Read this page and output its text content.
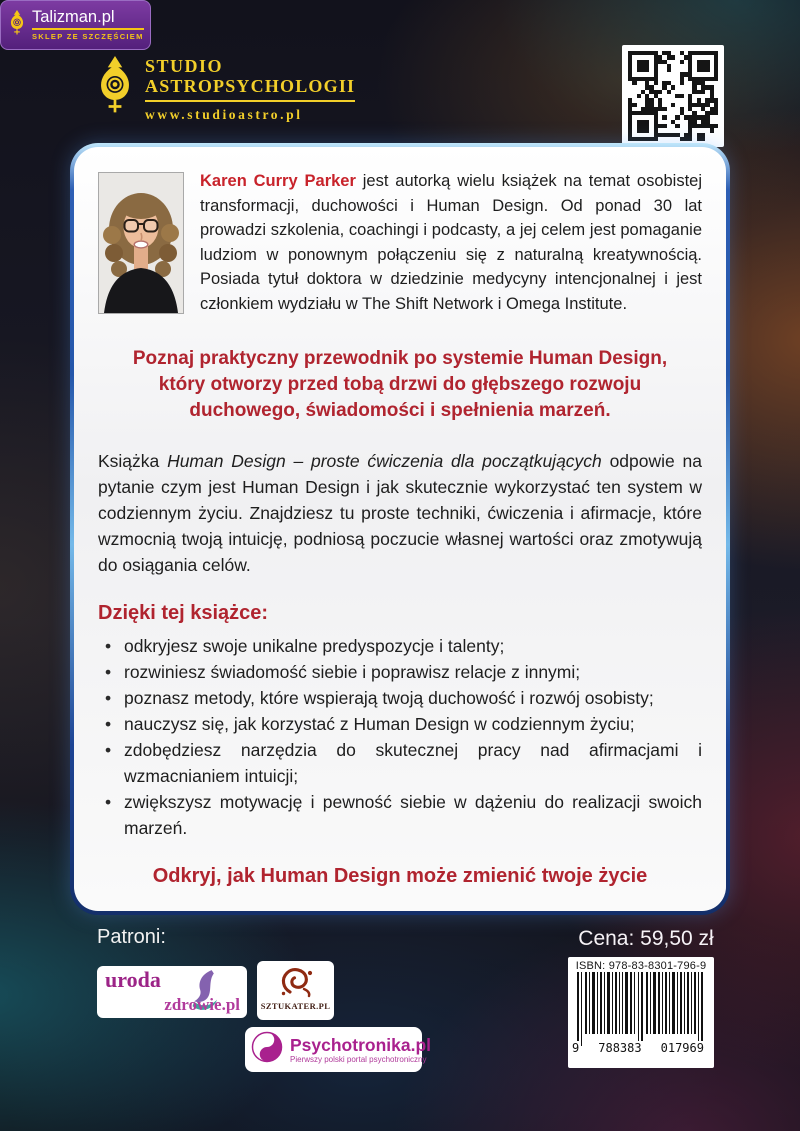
STUDIO
ASTROPSYCHOLOGII
www.studioastro.pl
Karen Curry Parker jest autorką wielu książek na temat osobistej transformacji, duchowości i Human Design. Od ponad 30 lat prowadzi szkolenia, coachingi i podcasty, a jej celem jest pomaganie ludziom w ponownym połączeniu się z naturalną kreatywnością. Posiada tytuł doktora w dziedzinie medycyny intencjonalnej i jest członkiem wydziału w The Shift Network i Omega Institute.
Poznaj praktyczny przewodnik po systemie Human Design, który otworzy przed tobą drzwi do głębszego rozwoju duchowego, świadomości i spełnienia marzeń.
Książka Human Design – proste ćwiczenia dla początkujących odpowie na pytanie czym jest Human Design i jak skutecznie wykorzystać ten system w codziennym życiu. Znajdziesz tu proste techniki, ćwiczenia i afirmacje, które wzmocnią twoją intuicję, podniosą poczucie własnej wartości oraz zmotywują do osiągania celów.
Dzięki tej książce:
• odkryjesz swoje unikalne predyspozycje i talenty;
• rozwiniesz świadomość siebie i poprawisz relacje z innymi;
• poznasz metody, które wspierają twoją duchowość i rozwój osobisty;
• nauczysz się, jak korzystać z Human Design w codziennym życiu;
• zdobędziesz narzędzia do skutecznej pracy nad afirmacjami i wzmacnianiem intuicji;
• zwiększysz motywację i pewność siebie w dążeniu do realizacji swoich marzeń.
Odkryj, jak Human Design może zmienić twoje życie
Patroni:	Cena: 59,50 zł
uroda
zdrowie.pl	SZTUKATER.PL
Talizman.pl
SKLEP ZE SZCZĘŚCIEM
Psychotronika.pl
Pierwszy polski portal psychotroniczny
ISBN: 978-83-8301-796-9
9 788383 017969
